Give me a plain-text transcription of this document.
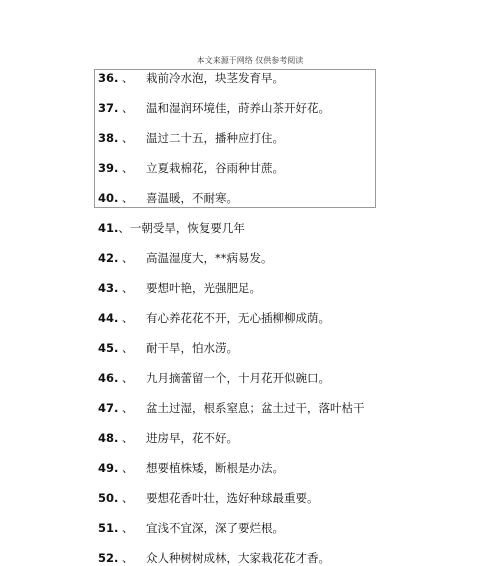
本文来源于网络 仅供参考阅读
36. 、 栽前冷水泡，块茎发育早。
37. 、 温和湿润环境佳，莳养山茶开好花。
38. 、 温过二十五，播种应打住。
39. 、 立夏栽棉花，谷雨种甘蔗。
40. 、 喜温暖，不耐寒。
41.、一朝受旱，恢复要几年
42. 、 高温湿度大，**病易发。
43. 、 要想叶艳，光强肥足。
44. 、 有心养花花不开，无心插柳柳成荫。
45. 、 耐干旱，怕水涝。
46. 、 九月摘蕾留一个，十月花开似碗口。
47. 、 盆土过湿，根系窒息；盆土过干，落叶枯干
48. 、 进房早，花不好。
49. 、 想要植株矮，断根是办法。
50. 、 要想花香叶壮，选好种球最重要。
51. 、 宜浅不宜深，深了要烂根。
52. 、 众人种树树成林，大家栽花花才香。
